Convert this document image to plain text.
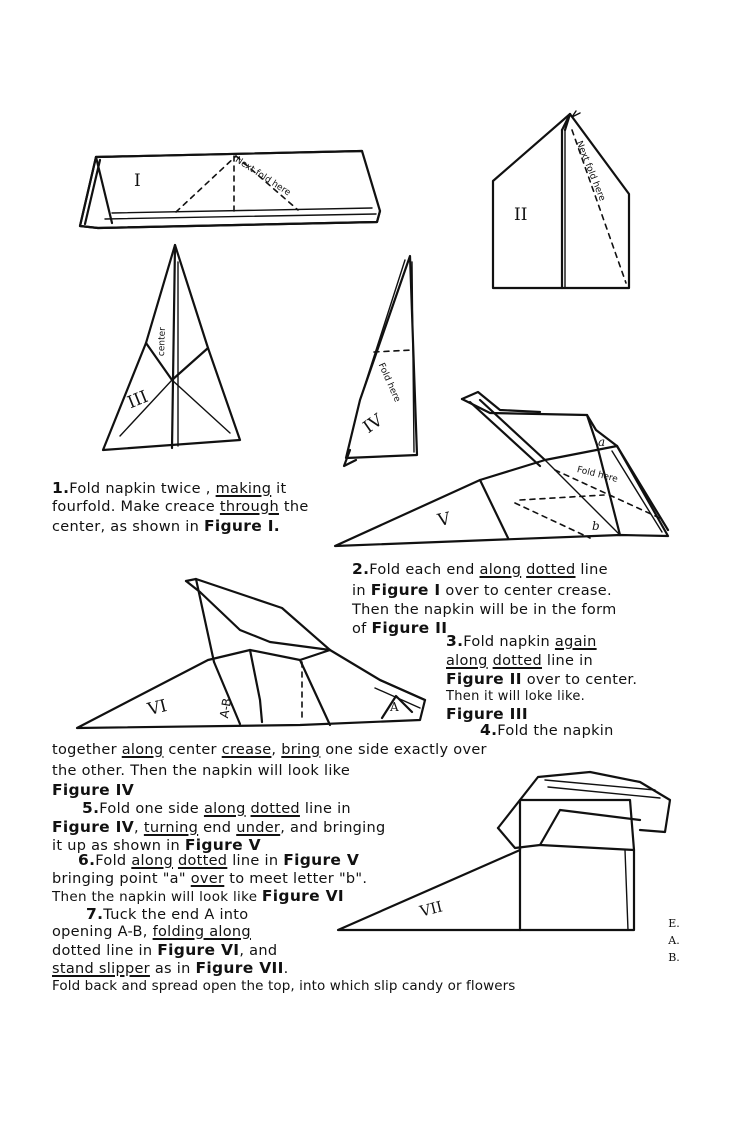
I	Next fold here
II
Next fold here
III
center
IV
Fold here
V
Fold here
a
b
VI	A-B	A
VII
1.Fold napkin twice , making it
fourfold. Make creace through the
center, as shown in Figure I.
2.Fold each end along dotted line
in Figure I over to center crease.
Then the napkin will be in the form
of Figure II
3.Fold napkin again
along dotted line in
Figure II over to center.
Then it will loke like.
Figure III
4.Fold the napkin
together along center crease, bring one side exactly over
the other. Then the napkin will look like
Figure IV
5.Fold one side along dotted line in
Figure IV, turning end under, and bringing
it up as shown in Figure V
6.Fold along dotted line in Figure V
bringing point "a" over to meet letter "b".
Then the napkin will look like Figure VI
7.Tuck the end A into
opening A-B, folding along
dotted line in Figure VI, and
stand slipper as in Figure VII.
Fold back and spread open the top, into which slip candy or flowers
E.
A.
B.
